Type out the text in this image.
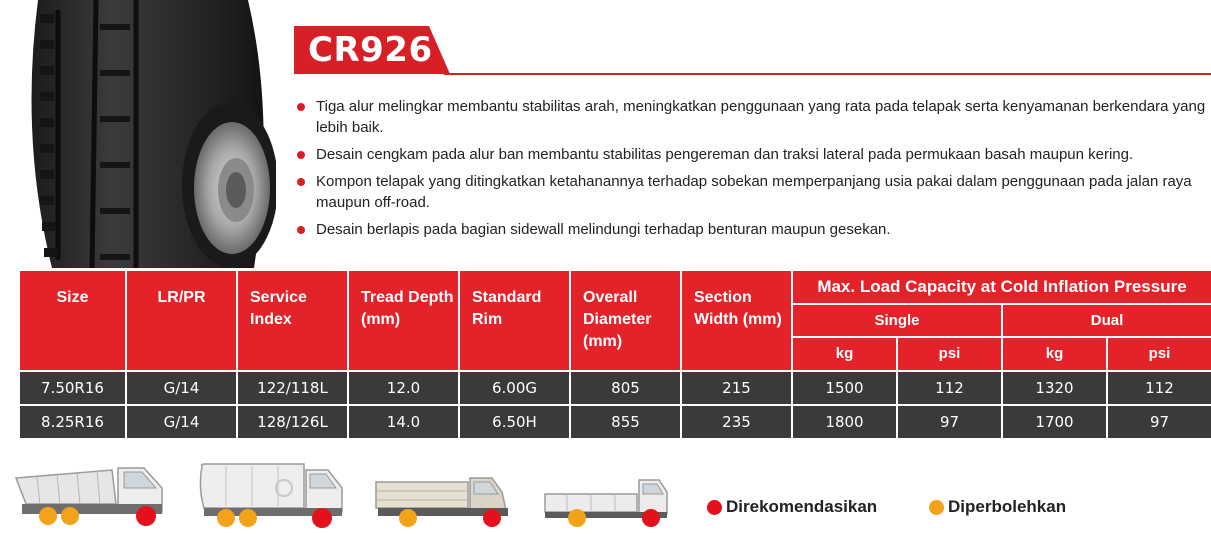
CR926
Tiga alur melingkar membantu stabilitas arah, meningkatkan penggunaan yang rata pada telapak serta kenyamanan berkendara yang lebih baik.
Desain cengkam pada alur ban membantu stabilitas pengereman dan traksi lateral pada permukaan basah maupun kering.
Kompon telapak yang ditingkatkan ketahanannya terhadap sobekan memperpanjang usia pakai dalam penggunaan pada jalan raya maupun off-road.
Desain berlapis pada bagian sidewall melindungi terhadap benturan maupun gesekan.
Size	LR/PR	Service Index	Tread Depth (mm)	Standard Rim	Overall Diameter (mm)	Section Width (mm)	Max. Load Capacity at Cold Inflation Pressure			
							Single		Dual	
							kg	psi	kg	psi
7.50R16	G/14	122/118L	12.0	6.00G	805	215	1500	112	1320	112
8.25R16	G/14	128/126L	14.0	6.50H	855	235	1800	97	1700	97
Direkomendasikan	Diperbolehkan
